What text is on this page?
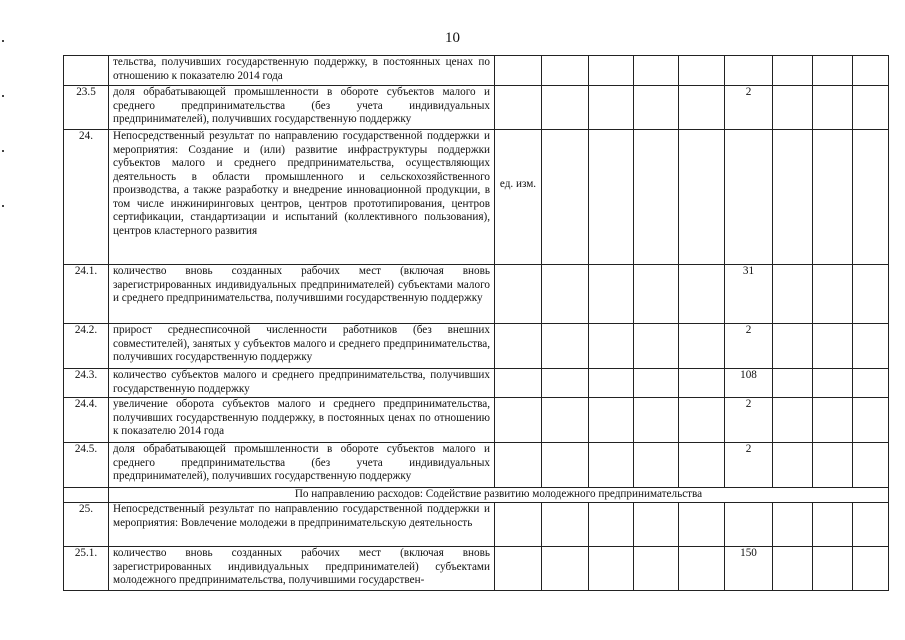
10
	тельства, получивших государственную поддержку, в постоянных ценах по отношению к показателю 2014 года									
23.5	доля обрабатывающей промышленности в обороте субъектов малого и среднего предпринимательства (без учета индивидуальных предпринимателей), получивших государственную поддержку						2			
24.	Непосредственный результат по направлению государственной поддержки и мероприятия: Создание и (или) развитие инфраструктуры поддержки субъектов малого и среднего предпринимательства, осуществляющих деятельность в области промышленного и сельскохозяйственного производства, а также разработку и внедрение инновационной продукции, в том числе инжиниринговых центров, центров прототипирования, центров сертификации, стандартизации и испытаний (коллективного пользования), центров кластерного развития	ед. изм.								

24.1.	количество вновь созданных рабочих мест (включая вновь зарегистрированных индивидуальных предпринимателей) субъектами малого и среднего предпринимательства, получившими государственную поддержку						31			
24.2.	прирост среднесписочной численности работников (без внешних совместителей), занятых у субъектов малого и среднего предпринимательства, получивших государственную поддержку						2			
24.3.	количество субъектов малого и среднего предпринимательства, получивших государственную поддержку						108			
24.4.	увеличение оборота субъектов малого и среднего предпринимательства, получивших государственную поддержку, в постоянных ценах по отношению к показателю 2014 года						2			
24.5.	доля обрабатывающей промышленности в обороте субъектов малого и среднего предпринимательства (без учета индивидуальных предпринимателей), получивших государственную поддержку						2			
	По направлению расходов: Содействие развитию молодежного предпринимательства									
25.	Непосредственный результат по направлению государственной поддержки и мероприятия: Вовлечение молодежи в предпринимательскую деятельность									
25.1.	количество вновь созданных рабочих мест (включая вновь зарегистрированных индивидуальных предпринимателей) субъектами молодежного предпринимательства, получившими государствен-						150			
